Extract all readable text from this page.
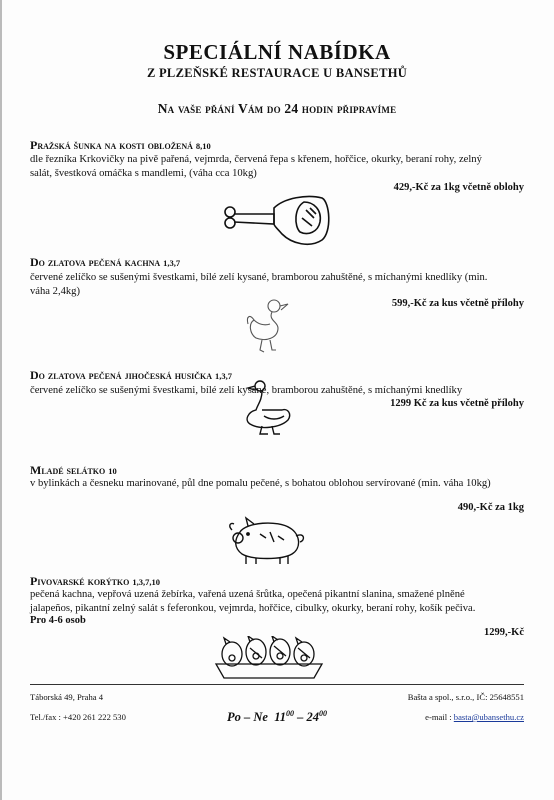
SPECIÁLNÍ NABÍDKA
Z PLZEŇSKÉ RESTAURACE U BANSETHŮ
Na vaše přání Vám do 24 hodin připravíme
Pražská šunka na kosti obložená 8,10
dle řezníka Krkovičky na pivě pařená, vejmrda, červená řepa s křenem, hořčice, okurky, beraní rohy, zelný salát, švestková omáčka s mandlemi, (váha cca 10kg)
429,-Kč za 1kg včetně oblohy
Do zlatova pečená kachna 1,3,7
červené zelíčko se sušenými švestkami, bílé zelí kysané, bramborou zahuštěné, s míchanými knedlíky (min. váha 2,4kg)
599,-Kč za kus včetně přílohy
Do zlatova pečená jihočeská husička 1,3,7
červené zelíčko se sušenými švestkami, bílé zelí kysané, bramborou zahuštěné, s míchanými knedlíky
1299 Kč za kus včetně přílohy
Mladé selátko 10
v bylinkách a česneku marinované, půl dne pomalu pečené, s bohatou oblohou servírované (min. váha 10kg)
490,-Kč za 1kg
Pivovarské korýtko 1,3,7,10
pečená kachna, vepřová uzená žebírka, vařená uzená šrůtka, opečená pikantní slanina, smažené plněné jalapeños, pikantní zelný salát s feferonkou, vejmrda, hořčice, cibulky, okurky, beraní rohy, košík pečiva.
Pro 4-6 osob
1299,-Kč
Táborská 49, Praha 4
Tel./fax : +420 261 222 530	Po – Ne $11^{00} - 24^{00}$
Bašta a spol., s.r.o., IČ: 25648551
e-mail : basta@ubansethu.cz
